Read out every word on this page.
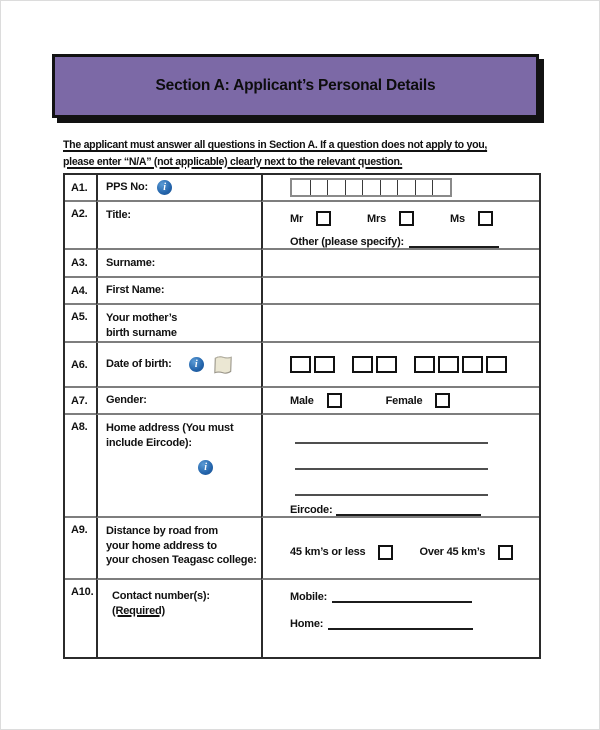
Section A: Applicant’s Personal Details
The applicant must answer all questions in Section A. If a question does not apply to you,
please enter “N/A” (not applicable) clearly next to the relevant question.
A1.	PPS No:	i
A2.	Title:	Mr	Mrs	Ms
Other (please specify):
A3.	Surname:
A4.	First Name:
A5.	Your mother’s
birth surname
A6.	Date of birth:	i
A7.	Gender:	Male	Female
A8.	Home address (You must
include Eircode):
i
Eircode:
A9.	Distance by road from
your home address to
your chosen Teagasc college:
45 km’s or less	Over 45 km’s
A10. Contact number(s):
(Required)
Mobile:
Home:
